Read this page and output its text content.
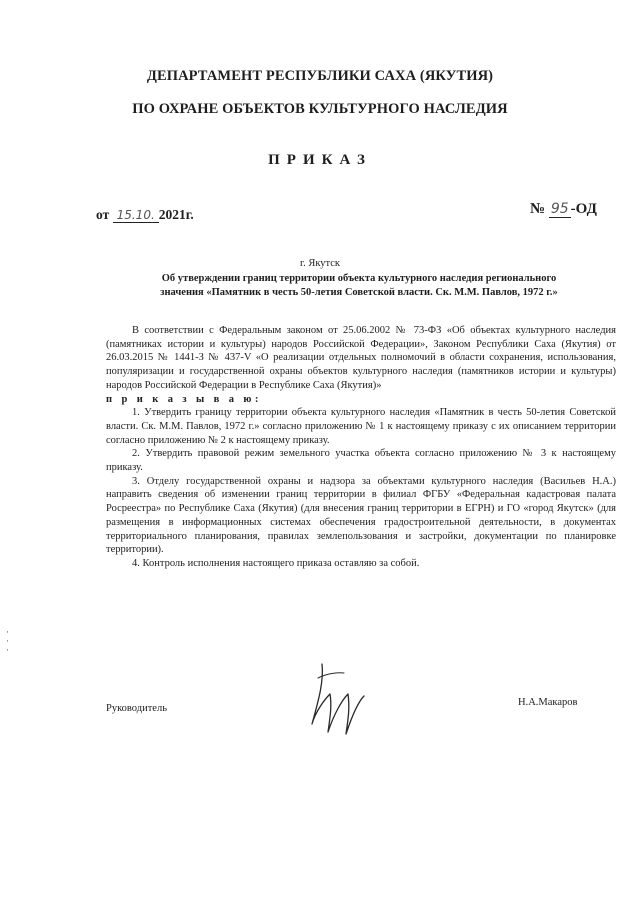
ДЕПАРТАМЕНТ РЕСПУБЛИКИ САХА (ЯКУТИЯ)
ПО ОХРАНЕ ОБЪЕКТОВ КУЛЬТУРНОГО НАСЛЕДИЯ
ПРИКАЗ
от 15.10. 2021г.	№ 95 -ОД
г. Якутск
Об утверждении границ территории объекта культурного наследия регионального
значения «Памятник в честь 50-летия Советской власти. Ск. М.М. Павлов, 1972 г.»

В соответствии с Федеральным законом от 25.06.2002 № 73-ФЗ «Об объектах культурного наследия (памятниках истории и культуры) народов Российской Федерации», Законом Республики Саха (Якутия) от 26.03.2015 № 1441-З № 437-V «О реализации отдельных полномочий в области сохранения, использования, популяризации и государственной охраны объектов культурного наследия (памятников истории и культуры) народов Российской Федерации в Республике Саха (Якутия)»

п р и к а з ы в а ю:

1. Утвердить границу территории объекта культурного наследия «Памятник в честь 50-летия Советской власти. Ск. М.М. Павлов, 1972 г.» согласно приложению № 1 к настоящему приказу с их описанием территории согласно приложению № 2 к настоящему приказу.

2. Утвердить правовой режим земельного участка объекта согласно приложению № 3 к настоящему приказу.

3. Отделу государственной охраны и надзора за объектами культурного наследия (Васильев Н.А.) направить сведения об изменении границ территории в филиал ФГБУ «Федеральная кадастровая палата Росреестра» по Республике Саха (Якутия) (для внесения границ территории в ЕГРН) и ГО «город Якутск» (для размещения в информационных системах обеспечения градостроительной деятельности, в документах территориального планирования, правилах землепользования и застройки, документации по планировке территории).

4. Контроль исполнения настоящего приказа оставляю за собой.

·
·
·
Руководитель
Н.А.Макаров
